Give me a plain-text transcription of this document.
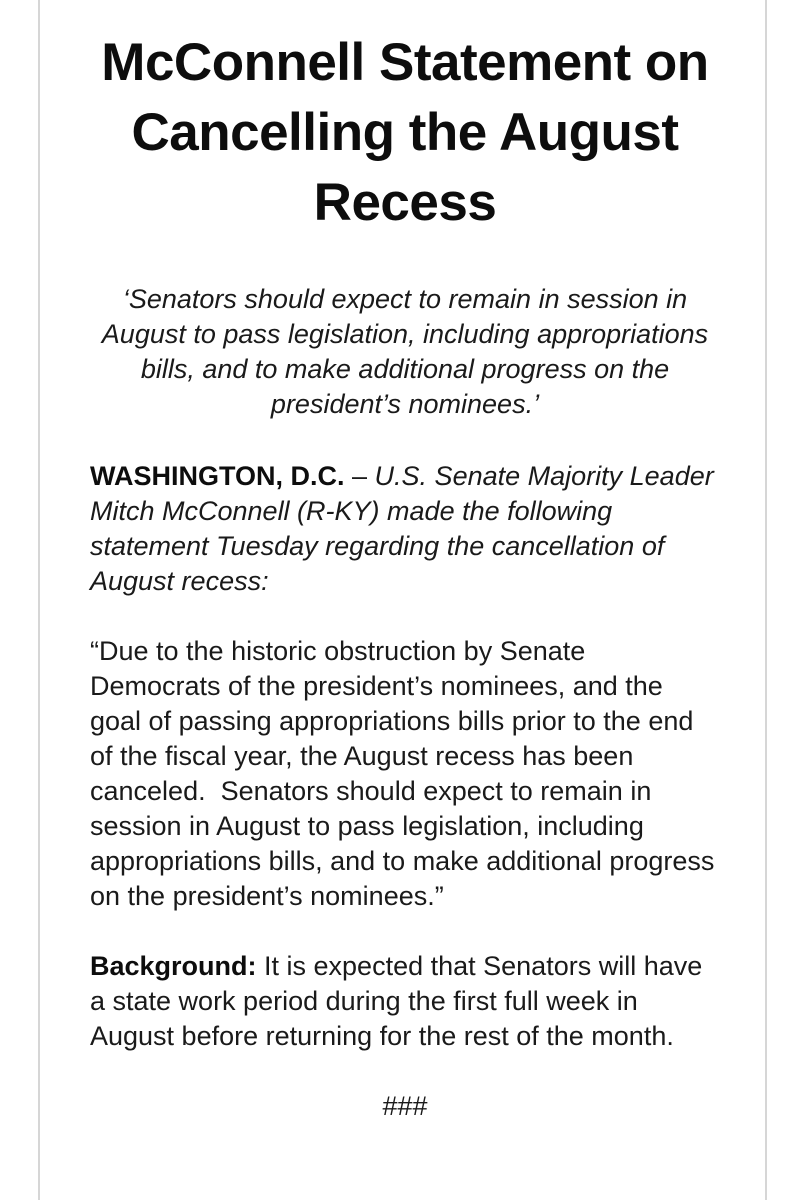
McConnell Statement on Cancelling the August Recess

‘Senators should expect to remain in session in August to pass legislation, including appropriations bills, and to make additional progress on the president’s nominees.’

WASHINGTON, D.C. – U.S. Senate Majority Leader Mitch McConnell (R-KY) made the following statement Tuesday regarding the cancellation of August recess:

“Due to the historic obstruction by Senate Democrats of the president’s nominees, and the goal of passing appropriations bills prior to the end of the fiscal year, the August recess has been canceled.  Senators should expect to remain in session in August to pass legislation, including appropriations bills, and to make additional progress on the president’s nominees.”

Background: It is expected that Senators will have a state work period during the first full week in August before returning for the rest of the month.

###
